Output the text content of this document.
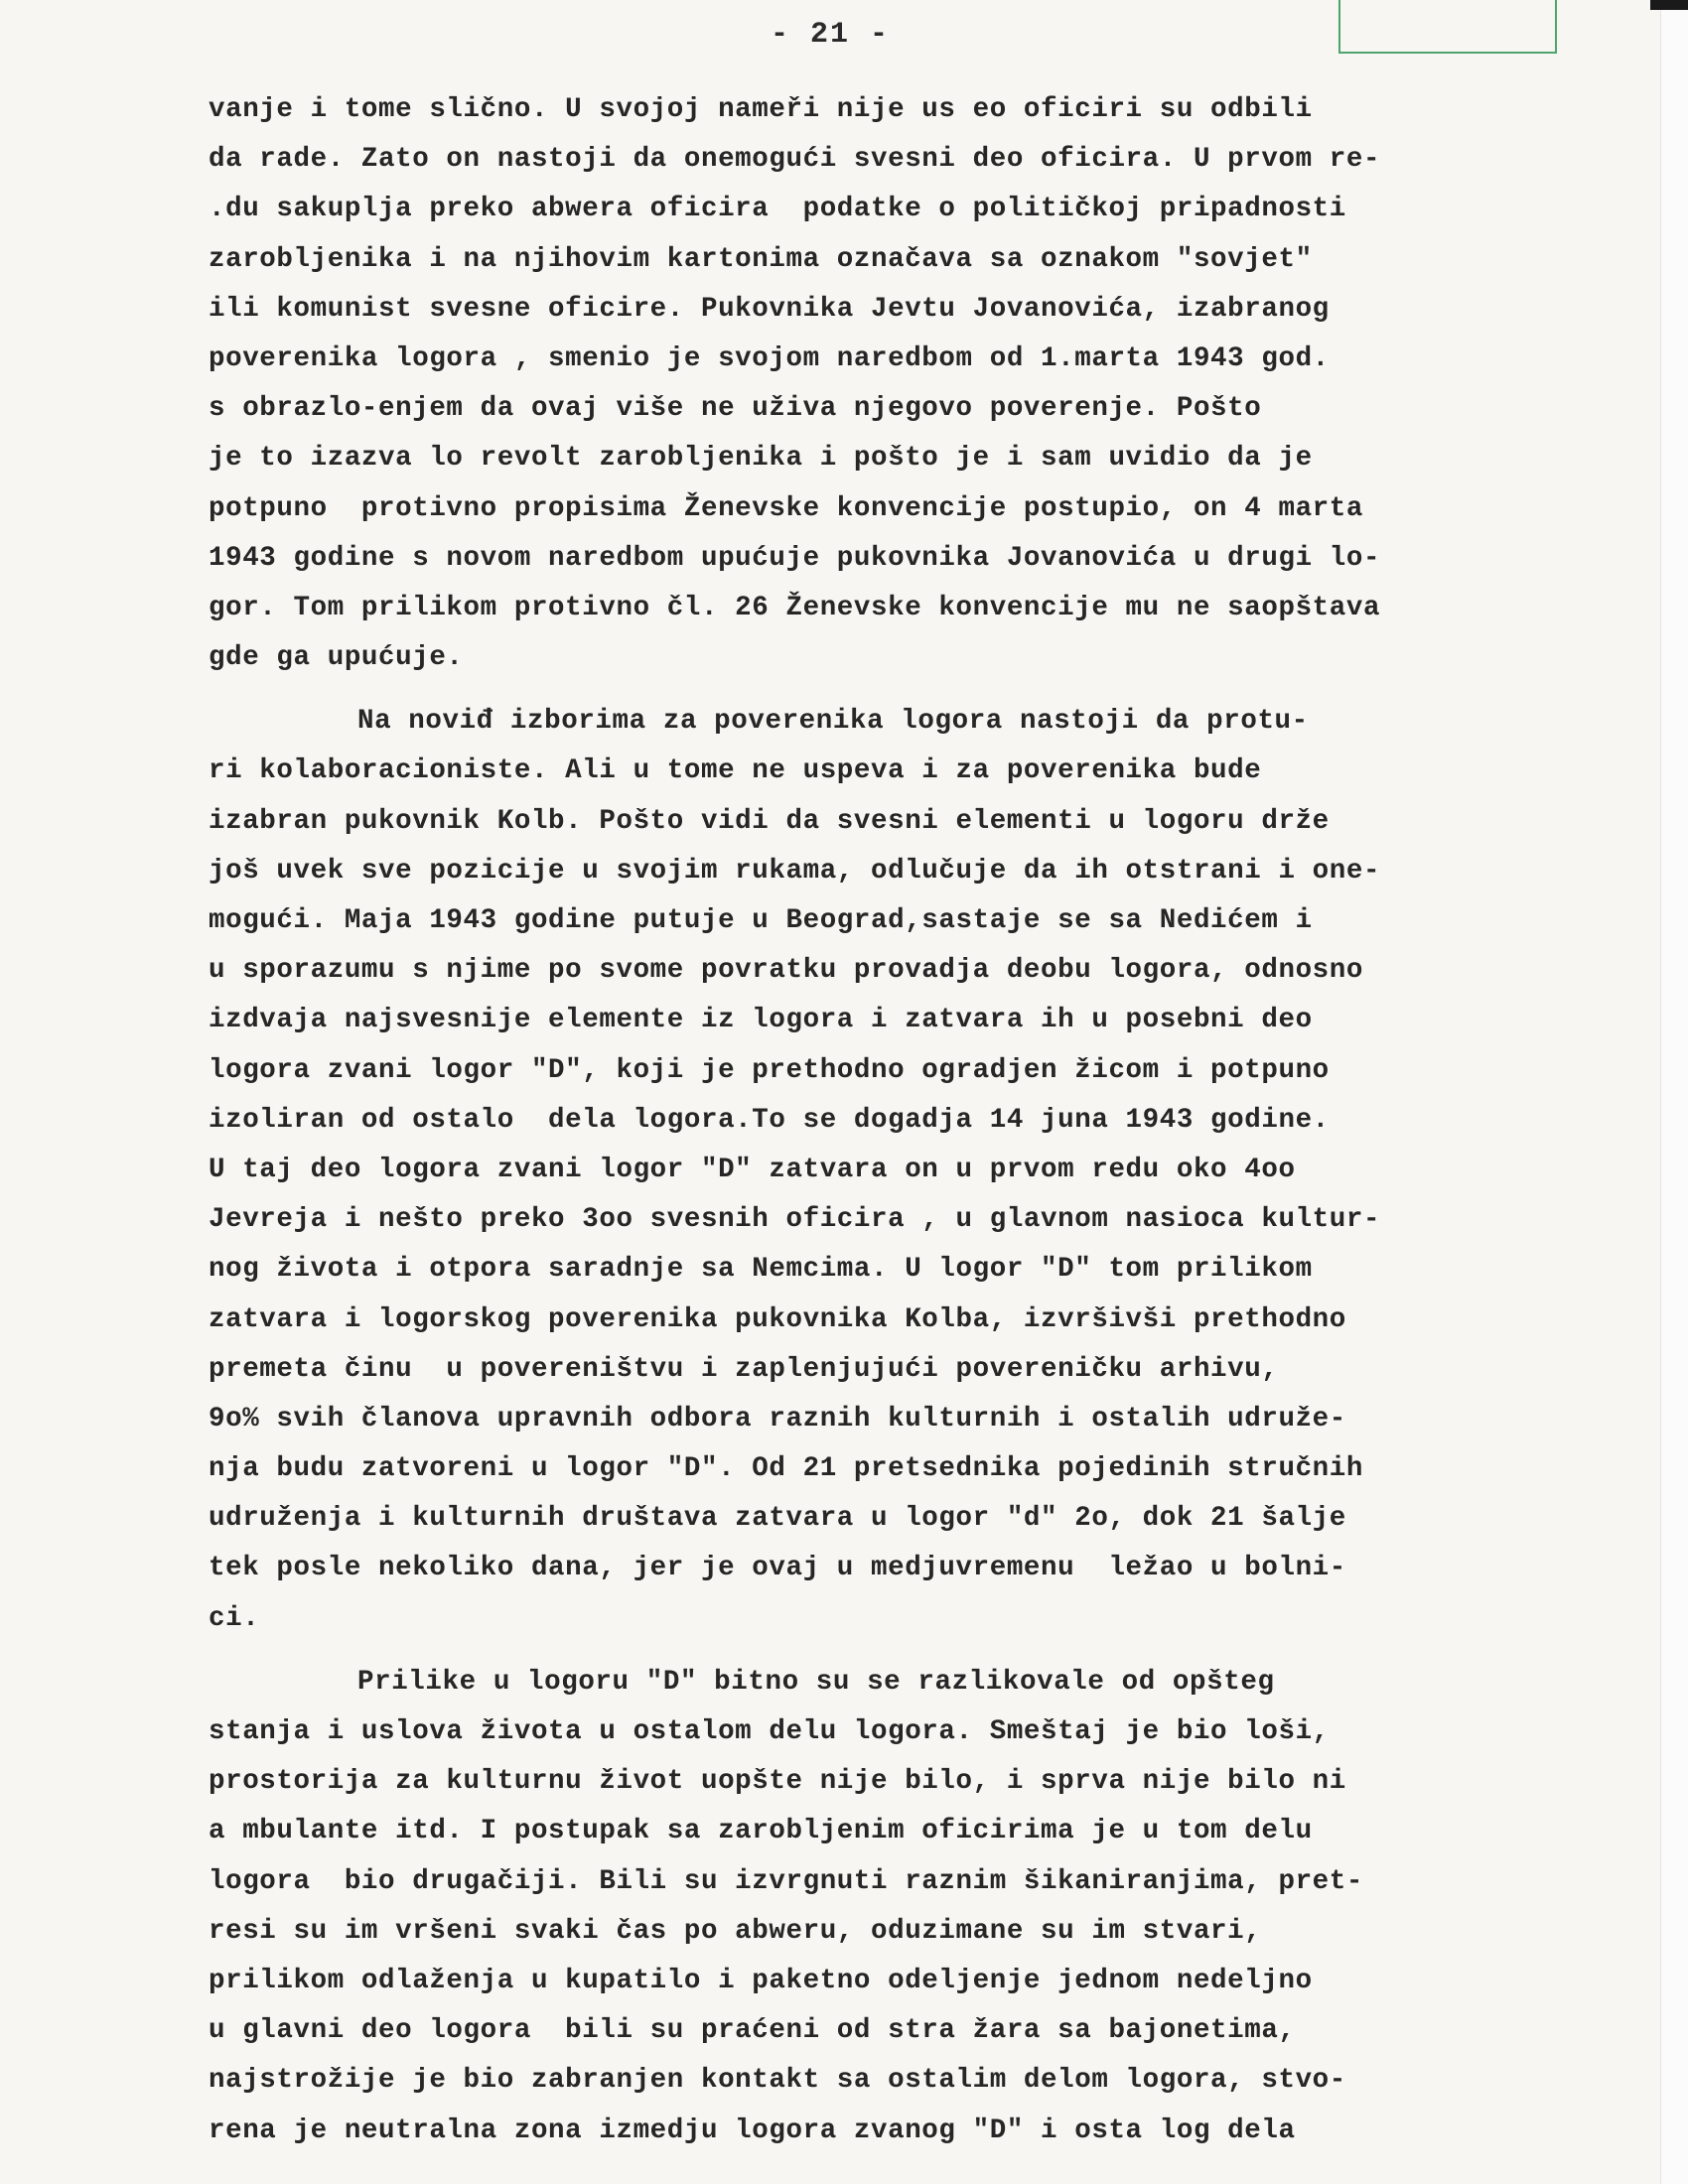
- 21 -
vanje i tome slično. U svojoj nameři nije us eo oficiri su odbili
da rade. Zato on nastoji da onemogući svesni deo oficira. U prvom re-
.du sakuplja preko abwera oficira  podatke o političkoj pripadnosti
zarobljenika i na njihovim kartonima označava sa oznakom "sovjet"
ili komunist svesne oficire. Pukovnika Jevtu Jovanovića, izabranog
poverenika logora , smenio je svojom naredbom od 1.marta 1943 god.
s obrazlo-enjem da ovaj više ne uživa njegovo poverenje. Pošto
je to izazva lo revolt zarobljenika i pošto je i sam uvidio da je
potpuno  protivno propisima Ženevske konvencije postupio, on 4 marta
1943 godine s novom naredbom upućuje pukovnika Jovanovića u drugi lo-
gor. Tom prilikom protivno čl. 26 Ženevske konvencije mu ne saopštava
gde ga upućuje.
Na noviđ izborima za poverenika logora nastoji da protu-
ri kolaboracioniste. Ali u tome ne uspeva i za poverenika bude
izabran pukovnik Kolb. Pošto vidi da svesni elementi u logoru drže
još uvek sve pozicije u svojim rukama, odlučuje da ih otstrani i one-
mogući. Maja 1943 godine putuje u Beograd,sastaje se sa Nedićem i
u sporazumu s njime po svome povratku provadja deobu logora, odnosno
izdvaja najsvesnije elemente iz logora i zatvara ih u posebni deo
logora zvani logor "D", koji je prethodno ogradjen žicom i potpuno
izoliran od ostalo  dela logora.To se dogadja 14 juna 1943 godine.
U taj deo logora zvani logor "D" zatvara on u prvom redu oko 4oo
Jevreja i nešto preko 3oo svesnih oficira , u glavnom nasioca kultur-
nog života i otpora saradnje sa Nemcima. U logor "D" tom prilikom
zatvara i logorskog poverenika pukovnika Kolba, izvršivši prethodno
premeta činu  u povereništvu i zaplenjujući povereničku arhivu,
9o% svih članova upravnih odbora raznih kulturnih i ostalih udruže-
nja budu zatvoreni u logor "D". Od 21 pretsednika pojedinih stručnih
udruženja i kulturnih društava zatvara u logor "d" 2o, dok 21 šalje
tek posle nekoliko dana, jer je ovaj u medjuvremenu  ležao u bolni-
ci.
Prilike u logoru "D" bitno su se razlikovale od opšteg
stanja i uslova života u ostalom delu logora. Smeštaj je bio loši,
prostorija za kulturnu život uopšte nije bilo, i sprva nije bilo ni
a mbulante itd. I postupak sa zarobljenim oficirima je u tom delu
logora  bio drugačiji. Bili su izvrgnuti raznim šikaniranjima, pret-
resi su im vršeni svaki čas po abweru, oduzimane su im stvari,
prilikom odlaženja u kupatilo i paketno odeljenje jednom nedeljno
u glavni deo logora  bili su praćeni od stra žara sa bajonetima,
najstrožije je bio zabranjen kontakt sa ostalim delom logora, stvo-
rena je neutralna zona izmedju logora zvanog "D" i osta log dela
